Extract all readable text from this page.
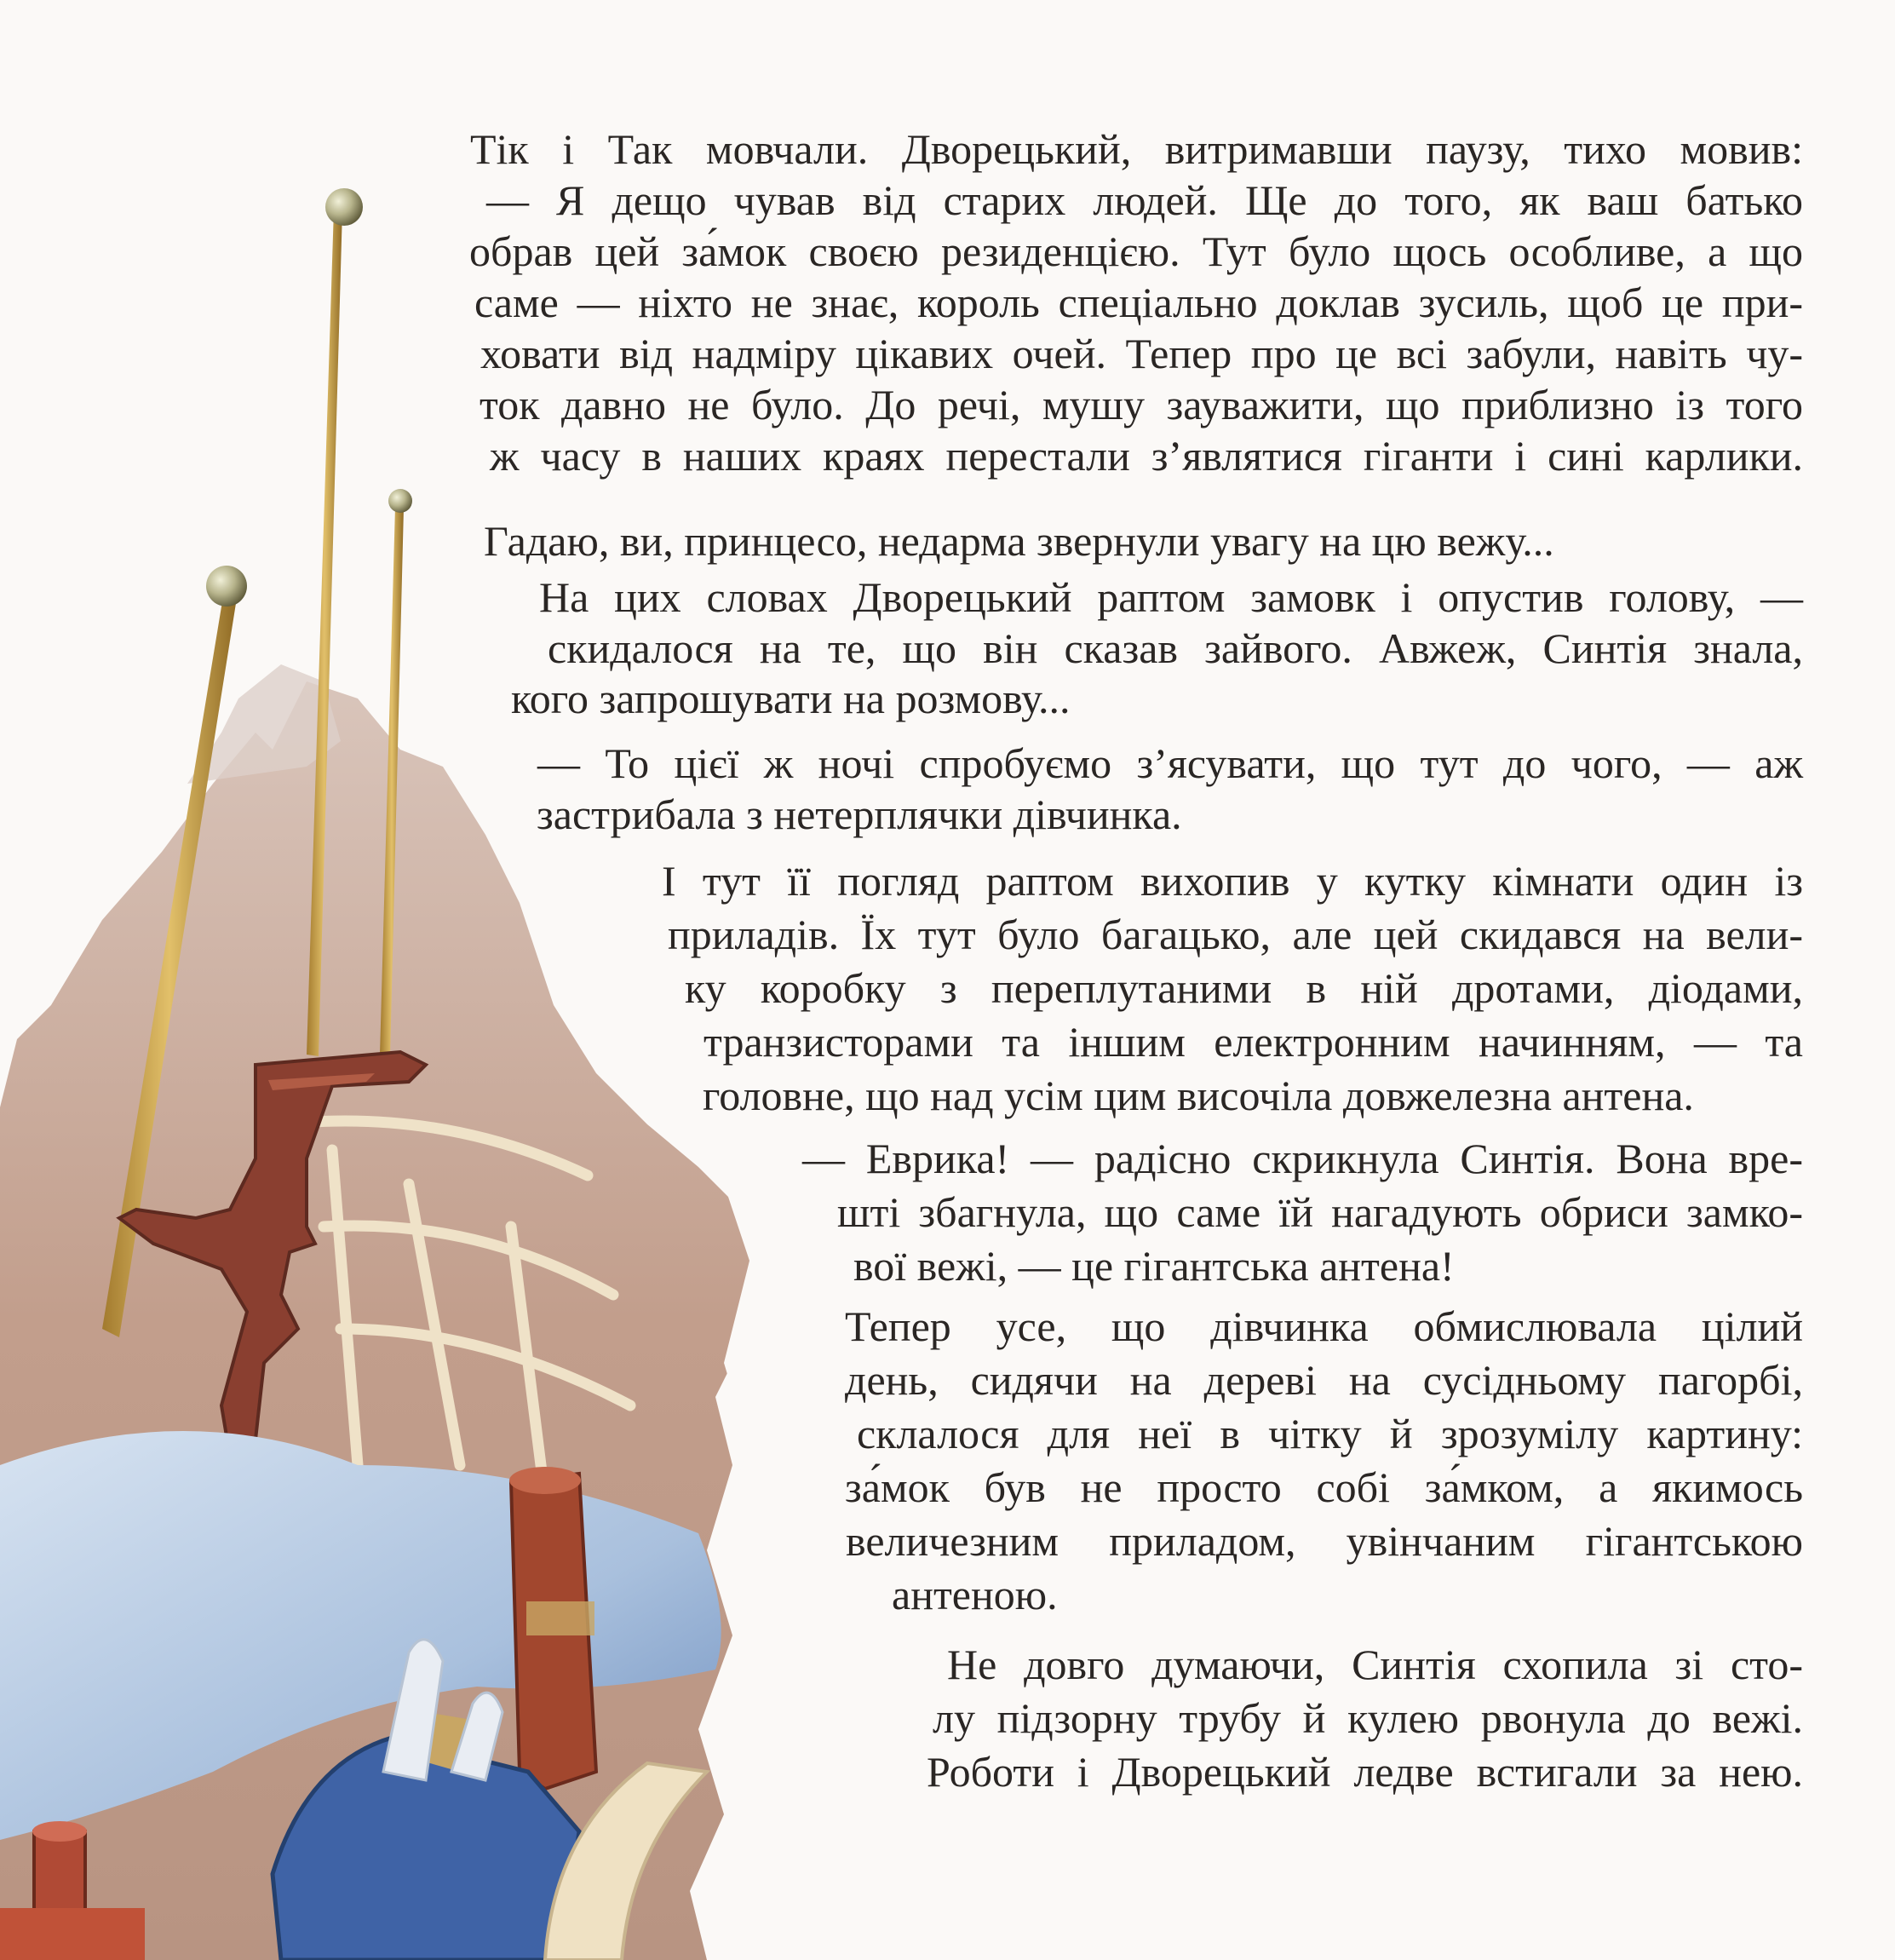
Тік і Так мовчали. Дворецький, витримавши паузу, тихо мовив:
— Я дещо чував від старих людей. Ще до того, як ваш батько
обрав цей за́мок своєю резиденцією. Тут було щось особливе, а що
саме — ніхто не знає, король спеціально доклав зусиль, щоб це при-
ховати від надміру цікавих очей. Тепер про це всі забули, навіть чу-
ток давно не було. До речі, мушу зауважити, що приблизно із того
ж часу в наших краях перестали з’являтися гіганти і сині карлики.
Гадаю, ви, принцесо, недарма звернули увагу на цю вежу...
На цих словах Дворецький раптом замовк і опустив голову, —
скидалося на те, що він сказав зайвого. Авжеж, Синтія знала,
кого запрошувати на розмову...
— То цієї ж ночі спробуємо з’ясувати, що тут до чого, — аж
застрибала з нетерплячки дівчинка.
І тут її погляд раптом вихопив у кутку кімнати один із
приладів. Їх тут було багацько, але цей скидався на вели-
ку коробку з переплутаними в ній дротами, діодами,
транзисторами та іншим електронним начинням, — та
головне, що над усім цим височіла довжелезна антена.
— Еврика! — радісно скрикнула Синтія. Вона вре-
шті збагнула, що саме їй нагадують обриси замко-
вої вежі, — це гігантська антена!
Тепер усе, що дівчинка обмислювала цілий
день, сидячи на дереві на сусідньому пагорбі,
склалося для неї в чітку й зрозумілу картину:
за́мок був не просто собі за́мком, а якимось
величезним приладом, увінчаним гігантською
антеною.
Не довго думаючи, Синтія схопила зі сто-
лу підзорну трубу й кулею рвонула до вежі.
Роботи і Дворецький ледве встигали за нею.
